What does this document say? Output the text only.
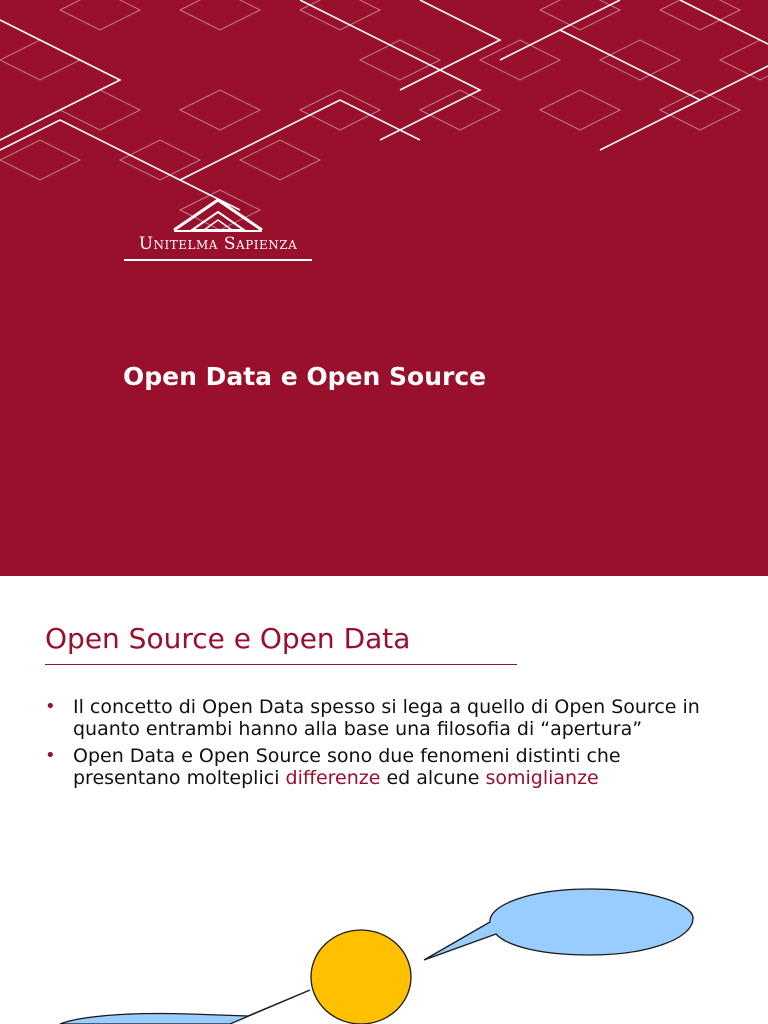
Unitelma Sapienza
Open Data e Open Source
Open Source e Open Data
• Il concetto di Open Data spesso si lega a quello di Open Source in quanto entrambi hanno alla base una filosofia di “apertura”
• Open Data e Open Source sono due fenomeni distinti che presentano molteplici differenze ed alcune somiglianze
